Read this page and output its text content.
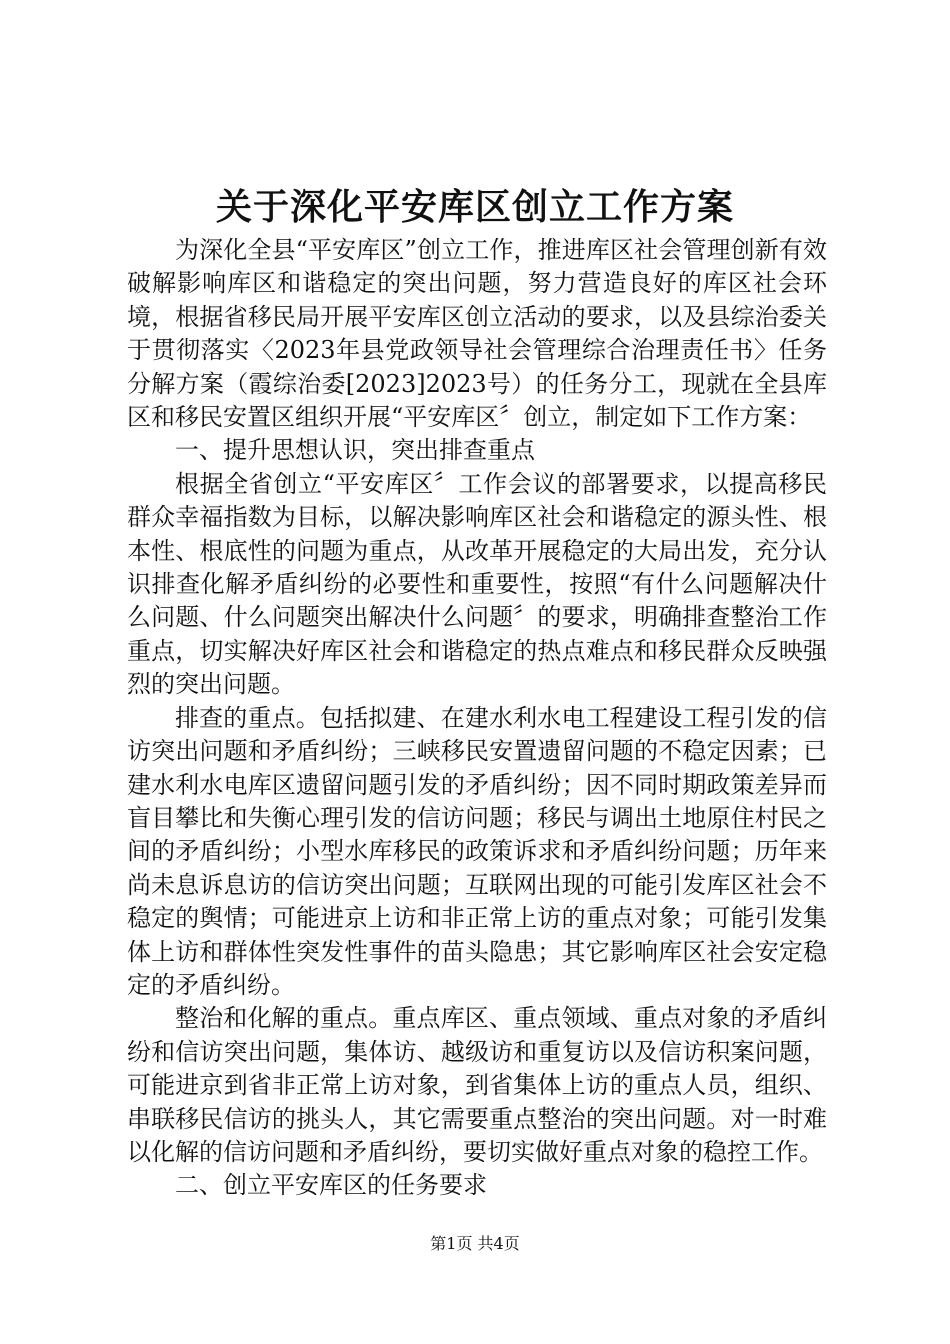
关于深化平安库区创立工作方案

为深化全县“平安库区”创立工作，推进库区社会管理创新有效破解影响库区和谐稳定的突出问题，努力营造良好的库区社会环境，根据省移民局开展平安库区创立活动的要求，以及县综治委关于贯彻落实〈2023年县党政领导社会管理综合治理责任书〉任务分解方案（霞综治委[2023]2023号）的任务分工，现就在全县库区和移民安置区组织开展“平安库区〞创立，制定如下工作方案：

一、提升思想认识，突出排查重点

根据全省创立“平安库区〞工作会议的部署要求，以提高移民群众幸福指数为目标，以解决影响库区社会和谐稳定的源头性、根本性、根底性的问题为重点，从改革开展稳定的大局出发，充分认识排查化解矛盾纠纷的必要性和重要性，按照“有什么问题解决什么问题、什么问题突出解决什么问题〞的要求，明确排查整治工作重点，切实解决好库区社会和谐稳定的热点难点和移民群众反映强烈的突出问题。

排查的重点。包括拟建、在建水利水电工程建设工程引发的信访突出问题和矛盾纠纷；三峡移民安置遗留问题的不稳定因素；已建水利水电库区遗留问题引发的矛盾纠纷；因不同时期政策差异而盲目攀比和失衡心理引发的信访问题；移民与调出土地原住村民之间的矛盾纠纷；小型水库移民的政策诉求和矛盾纠纷问题；历年来尚未息诉息访的信访突出问题；互联网出现的可能引发库区社会不稳定的舆情；可能进京上访和非正常上访的重点对象；可能引发集体上访和群体性突发性事件的苗头隐患；其它影响库区社会安定稳定的矛盾纠纷。

整治和化解的重点。重点库区、重点领域、重点对象的矛盾纠纷和信访突出问题，集体访、越级访和重复访以及信访积案问题，可能进京到省非正常上访对象，到省集体上访的重点人员，组织、串联移民信访的挑头人，其它需要重点整治的突出问题。对一时难以化解的信访问题和矛盾纠纷，要切实做好重点对象的稳控工作。

二、创立平安库区的任务要求

第1页 共4页
